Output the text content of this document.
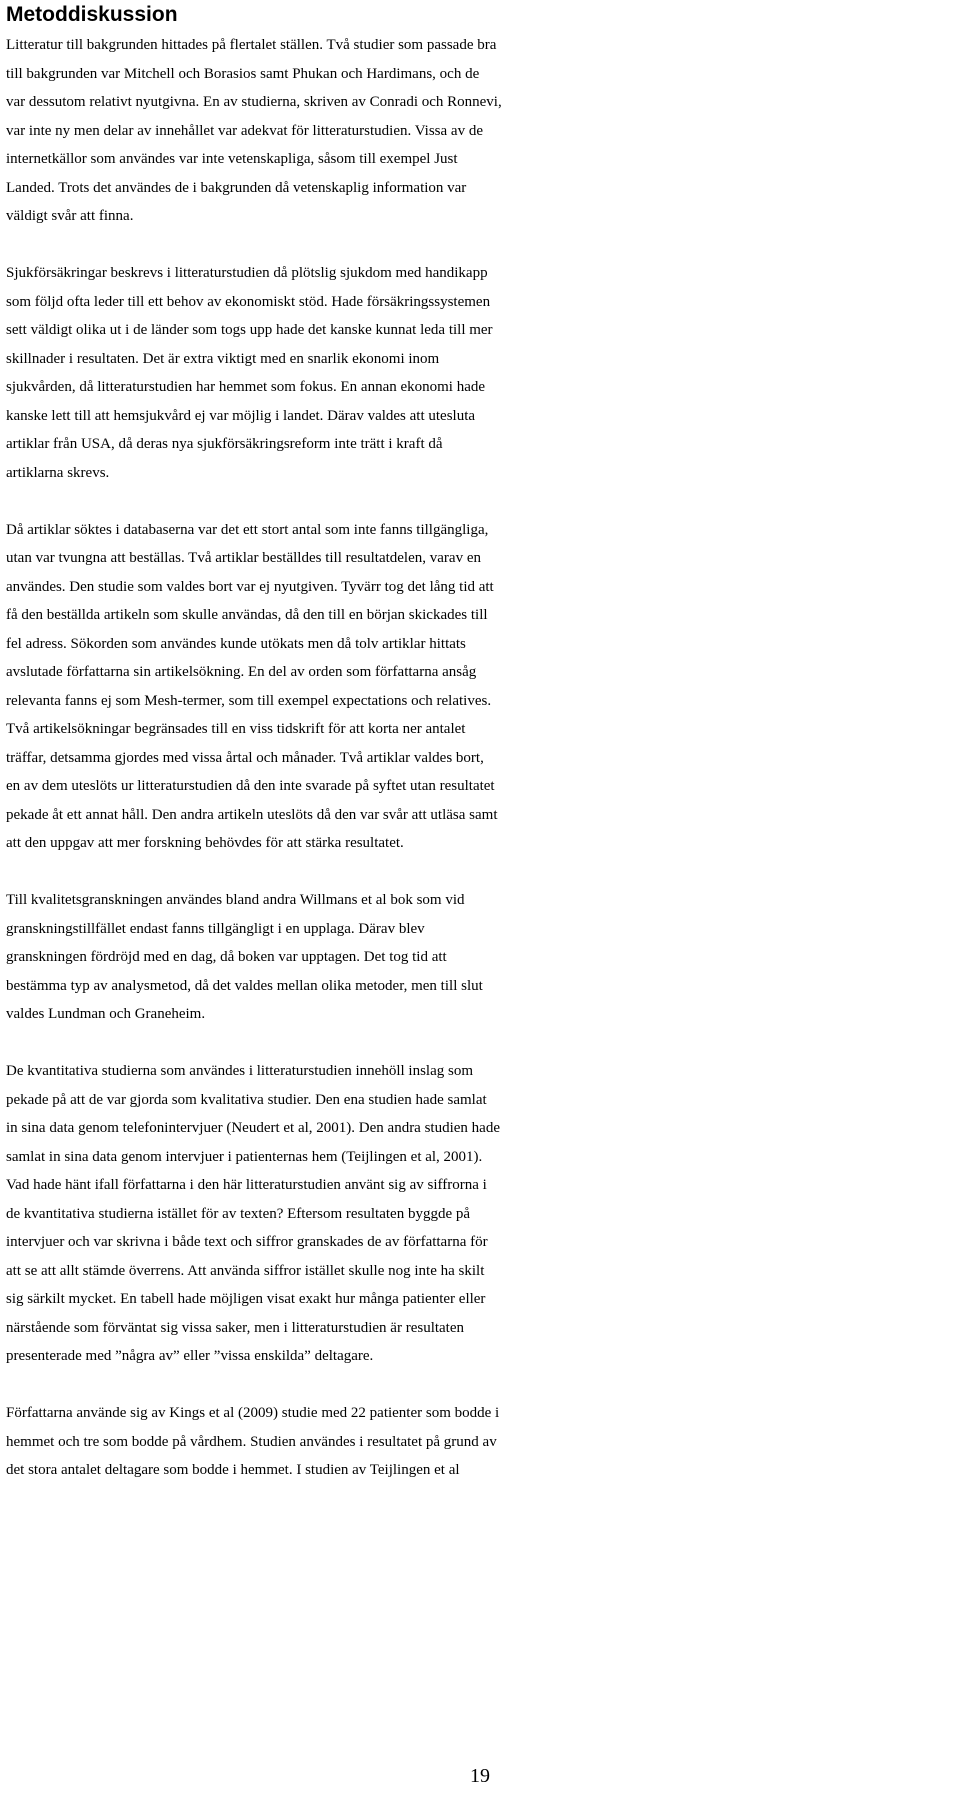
Metoddiskussion

Litteratur till bakgrunden hittades på flertalet ställen. Två studier som passade bra
till bakgrunden var Mitchell och Borasios samt Phukan och Hardimans, och de
var dessutom relativt nyutgivna. En av studierna, skriven av Conradi och Ronnevi,
var inte ny men delar av innehållet var adekvat för litteraturstudien. Vissa av de
internetkällor som användes var inte vetenskapliga, såsom till exempel Just
Landed. Trots det användes de i bakgrunden då vetenskaplig information var
väldigt svår att finna.

Sjukförsäkringar beskrevs i litteraturstudien då plötslig sjukdom med handikapp
som följd ofta leder till ett behov av ekonomiskt stöd. Hade försäkringssystemen
sett väldigt olika ut i de länder som togs upp hade det kanske kunnat leda till mer
skillnader i resultaten. Det är extra viktigt med en snarlik ekonomi inom
sjukvården, då litteraturstudien har hemmet som fokus. En annan ekonomi hade
kanske lett till att hemsjukvård ej var möjlig i landet. Därav valdes att utesluta
artiklar från USA, då deras nya sjukförsäkringsreform inte trätt i kraft då
artiklarna skrevs.

Då artiklar söktes i databaserna var det ett stort antal som inte fanns tillgängliga,
utan var tvungna att beställas. Två artiklar beställdes till resultatdelen, varav en
användes. Den studie som valdes bort var ej nyutgiven. Tyvärr tog det lång tid att
få den beställda artikeln som skulle användas, då den till en början skickades till
fel adress. Sökorden som användes kunde utökats men då tolv artiklar hittats
avslutade författarna sin artikelsökning. En del av orden som författarna ansåg
relevanta fanns ej som Mesh-termer, som till exempel expectations och relatives.
Två artikelsökningar begränsades till en viss tidskrift för att korta ner antalet
träffar, detsamma gjordes med vissa årtal och månader. Två artiklar valdes bort,
en av dem uteslöts ur litteraturstudien då den inte svarade på syftet utan resultatet
pekade åt ett annat håll. Den andra artikeln uteslöts då den var svår att utläsa samt
att den uppgav att mer forskning behövdes för att stärka resultatet.

Till kvalitetsgranskningen användes bland andra Willmans et al bok som vid
granskningstillfället endast fanns tillgängligt i en upplaga. Därav blev
granskningen fördröjd med en dag, då boken var upptagen. Det tog tid att
bestämma typ av analysmetod, då det valdes mellan olika metoder, men till slut
valdes Lundman och Graneheim.

De kvantitativa studierna som användes i litteraturstudien innehöll inslag som
pekade på att de var gjorda som kvalitativa studier. Den ena studien hade samlat
in sina data genom telefonintervjuer (Neudert et al, 2001). Den andra studien hade
samlat in sina data genom intervjuer i patienternas hem (Teijlingen et al, 2001).
Vad hade hänt ifall författarna i den här litteraturstudien använt sig av siffrorna i
de kvantitativa studierna istället för av texten? Eftersom resultaten byggde på
intervjuer och var skrivna i både text och siffror granskades de av författarna för
att se att allt stämde överrens. Att använda siffror istället skulle nog inte ha skilt
sig särkilt mycket. En tabell hade möjligen visat exakt hur många patienter eller
närstående som förväntat sig vissa saker, men i litteraturstudien är resultaten
presenterade med ”några av” eller ”vissa enskilda” deltagare.

Författarna använde sig av Kings et al (2009) studie med 22 patienter som bodde i
hemmet och tre som bodde på vårdhem. Studien användes i resultatet på grund av
det stora antalet deltagare som bodde i hemmet. I studien av Teijlingen et al

19
